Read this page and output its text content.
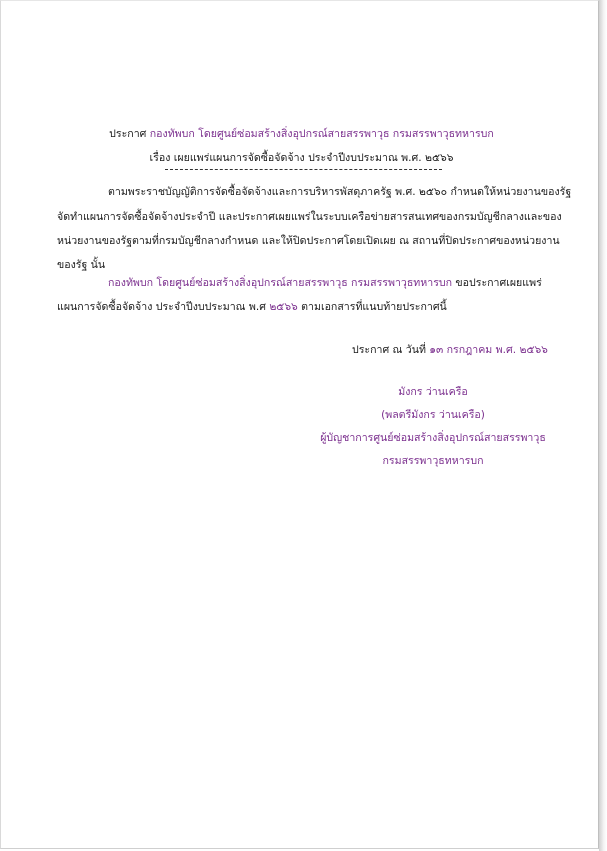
ประกาศ กองทัพบก โดยศูนย์ซ่อมสร้างสิ่งอุปกรณ์สายสรรพาวุธ กรมสรรพาวุธทหารบก
เรื่อง เผยแพร่แผนการจัดซื้อจัดจ้าง ประจำปีงบประมาณ พ.ศ. ๒๕๖๖
ตามพระราชบัญญัติการจัดซื้อจัดจ้างและการบริหารพัสดุภาครัฐ พ.ศ. ๒๕๖๐ กำหนดให้หน่วยงานของรัฐ
จัดทำแผนการจัดซื้อจัดจ้างประจำปี และประกาศเผยแพร่ในระบบเครือข่ายสารสนเทศของกรมบัญชีกลางและของ
หน่วยงานของรัฐตามที่กรมบัญชีกลางกำหนด และให้ปิดประกาศโดยเปิดเผย ณ สถานที่ปิดประกาศของหน่วยงาน
ของรัฐ นั้น
กองทัพบก โดยศูนย์ซ่อมสร้างสิ่งอุปกรณ์สายสรรพาวุธ กรมสรรพาวุธทหารบก ขอประกาศเผยแพร่
แผนการจัดซื้อจัดจ้าง ประจำปีงบประมาณ พ.ศ ๒๕๖๖ ตามเอกสารที่แนบท้ายประกาศนี้
ประกาศ ณ วันที่ ๑๓ กรกฎาคม พ.ศ. ๒๕๖๖
มังกร ว่านเครือ
(พลตรีมังกร ว่านเครือ)
ผู้บัญชาการศูนย์ซ่อมสร้างสิ่งอุปกรณ์สายสรรพาวุธ
กรมสรรพาวุธทหารบก
